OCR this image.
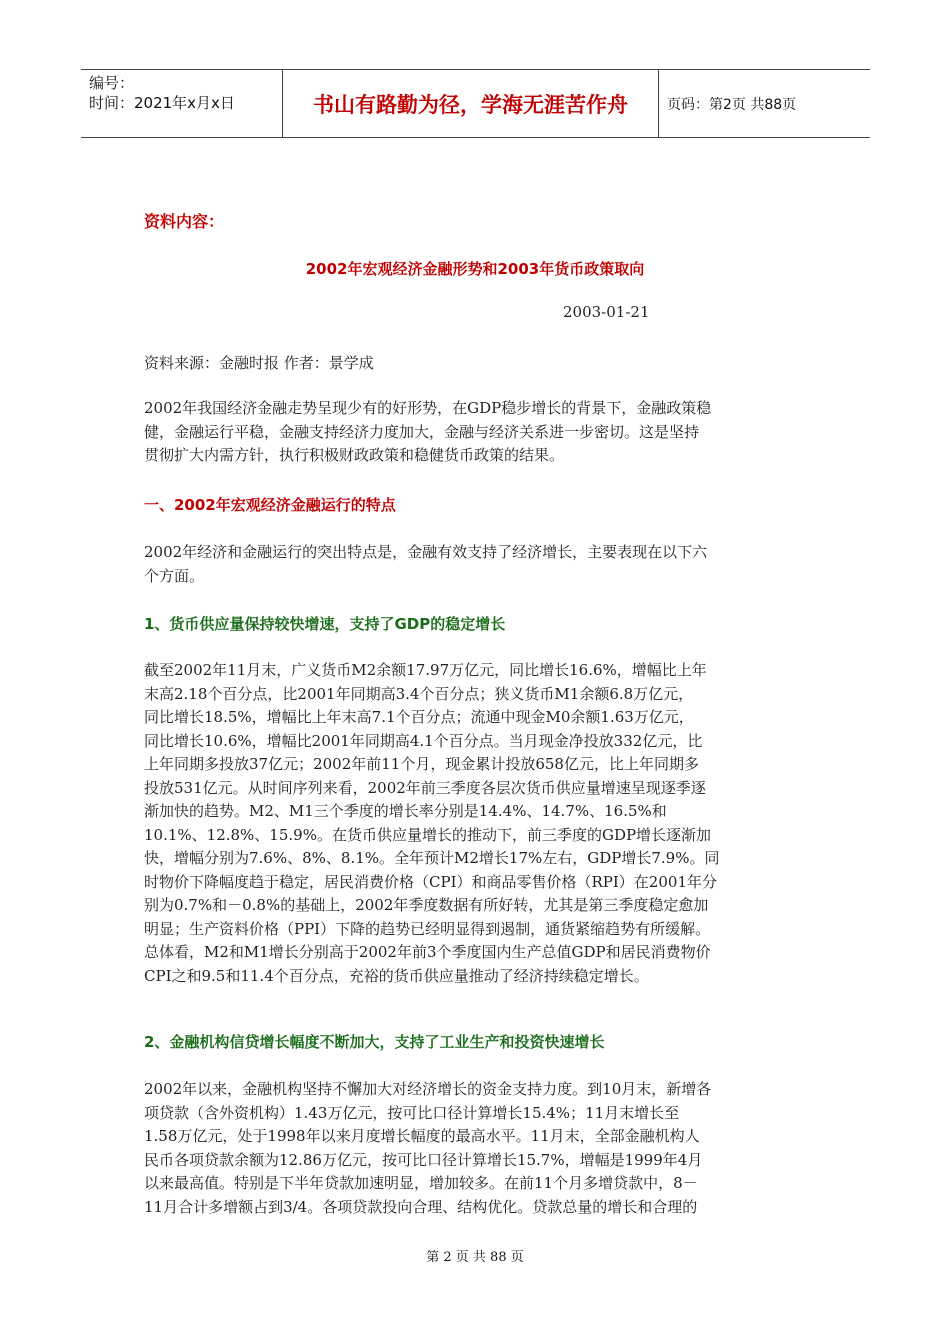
编号：
时间：2021年x月x日	书山有路勤为径，学海无涯苦作舟	页码：第2页 共88页
资料内容：
2002年宏观经济金融形势和2003年货币政策取向
2003-01-21
资料来源：金融时报 作者：景学成
2002年我国经济金融走势呈现少有的好形势，在GDP稳步增长的背景下，金融政策稳
健，金融运行平稳，金融支持经济力度加大，金融与经济关系进一步密切。这是坚持
贯彻扩大内需方针，执行积极财政政策和稳健货币政策的结果。
一、2002年宏观经济金融运行的特点
2002年经济和金融运行的突出特点是，金融有效支持了经济增长，主要表现在以下六
个方面。
1、货币供应量保持较快增速，支持了GDP的稳定增长
截至2002年11月末，广义货币M2余额17.97万亿元，同比增长16.6%，增幅比上年
末高2.18个百分点，比2001年同期高3.4个百分点；狭义货币M1余额6.8万亿元，
同比增长18.5%，增幅比上年末高7.1个百分点；流通中现金M0余额1.63万亿元，
同比增长10.6%，增幅比2001年同期高4.1个百分点。当月现金净投放332亿元，比
上年同期多投放37亿元；2002年前11个月，现金累计投放658亿元，比上年同期多
投放531亿元。从时间序列来看，2002年前三季度各层次货币供应量增速呈现逐季逐
渐加快的趋势。M2、M1三个季度的增长率分别是14.4%、14.7%、16.5%和
10.1%、12.8%、15.9%。在货币供应量增长的推动下，前三季度的GDP增长逐渐加
快，增幅分别为7.6%、8%、8.1%。全年预计M2增长17%左右，GDP增长7.9%。同
时物价下降幅度趋于稳定，居民消费价格（CPI）和商品零售价格（RPI）在2001年分
别为0.7%和－0.8%的基础上，2002年季度数据有所好转，尤其是第三季度稳定愈加
明显；生产资料价格（PPI）下降的趋势已经明显得到遏制，通货紧缩趋势有所缓解。
总体看，M2和M1增长分别高于2002年前3个季度国内生产总值GDP和居民消费物价
CPI之和9.5和11.4个百分点，充裕的货币供应量推动了经济持续稳定增长。
2、金融机构信贷增长幅度不断加大，支持了工业生产和投资快速增长
2002年以来，金融机构坚持不懈加大对经济增长的资金支持力度。到10月末，新增各
项贷款（含外资机构）1.43万亿元，按可比口径计算增长15.4%；11月末增长至
1.58万亿元，处于1998年以来月度增长幅度的最高水平。11月末，全部金融机构人
民币各项贷款余额为12.86万亿元，按可比口径计算增长15.7%，增幅是1999年4月
以来最高值。特别是下半年贷款加速明显，增加较多。在前11个月多增贷款中，8－
11月合计多增额占到3/4。各项贷款投向合理、结构优化。贷款总量的增长和合理的
第 2 页 共 88 页
